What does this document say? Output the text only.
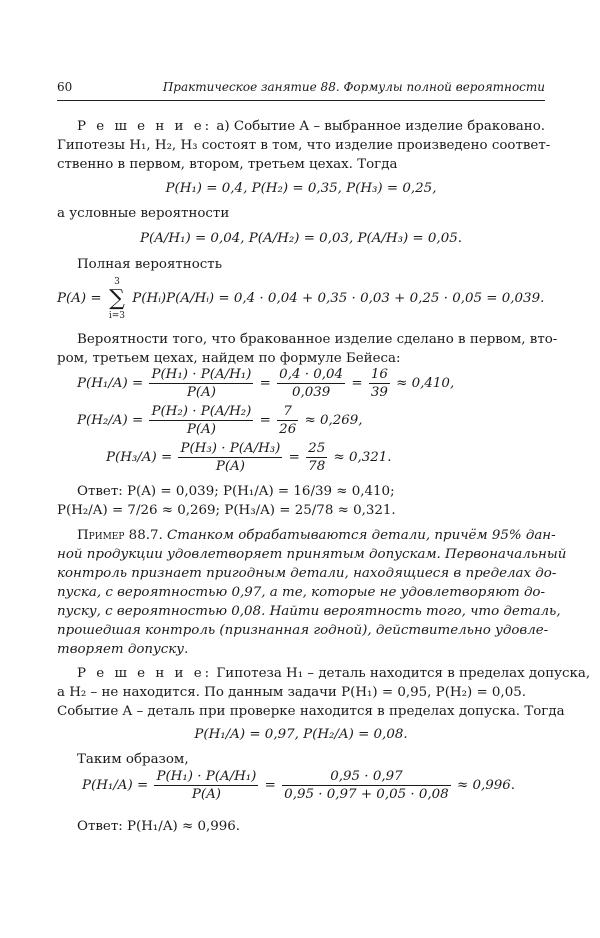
60	Практическое занятие 88. Формулы полной вероятности
Р е ш е н и е: а) Событие A – выбранное изделие браковано.
Гипотезы H₁, H₂, H₃ состоят в том, что изделие произведено соответ-
ственно в первом, втором, третьем цехах. Тогда
P(H₁) = 0,4, P(H₂) = 0,35, P(H₃) = 0,25,
а условные вероятности
P(A/H₁) = 0,04, P(A/H₂) = 0,03, P(A/H₃) = 0,05.
Полная вероятность
P(A) =
3
∑
i=3
P(Hᵢ)P(A/Hᵢ) = 0,4 · 0,04 + 0,35 · 0,03 + 0,25 · 0,05 = 0,039.
Вероятности того, что бракованное изделие сделано в первом, вто-
ром, третьем цехах, найдем по формуле Бейеса:
$P(H_1/A) = \frac{\text{P(H₁) · P(A/H₁)}}{P(A)} = \frac{0,4 \cdot 0,04}{0,039} = \frac{16}{39} \approx 0,410$,
$P(H_2/A) = \frac{\text{P(H₂) · P(A/H₂)}}{P(A)} = \frac{7}{26} \approx 0,269$,
$P(H_3/A) = \frac{\text{P(H₃) · P(A/H₃)}}{P(A)} = \frac{25}{78} \approx 0,321$.
Ответ: P(A) = 0,039; P(H₁/A) = 16/39 ≈ 0,410;
P(H₂/A) = 7/26 ≈ 0,269; P(H₃/A) = 25/78 ≈ 0,321.
Пример 88.7. Станком обрабатываются детали, причём 95% дан-
ной продукции удовлетворяет принятым допускам. Первоначальный
контроль признает пригодным детали, находящиеся в пределах до-
пуска, с вероятностью 0,97, а те, которые не удовлетворяют до-
пуску, с вероятностью 0,08. Найти вероятность того, что деталь,
прошедшая контроль (признанная годной), действительно удовле-
творяет допуску.
Р е ш е н и е: Гипотеза H₁ – деталь находится в пределах допуска,
а H₂ – не находится. По данным задачи P(H₁) = 0,95, P(H₂) = 0,05.
Событие A – деталь при проверке находится в пределах допуска. Тогда
P(H₁/A) = 0,97, P(H₂/A) = 0,08.
Таким образом,
$P(H_1/A) = \frac{\text{P(H₁) · P(A/H₁)}}{P(A)} = \frac{0,95 \cdot 0,97}{0,95 \cdot 0,97 + 0,05 \cdot 0,08} \approx 0,996$.
Ответ: P(H₁/A) ≈ 0,996.
